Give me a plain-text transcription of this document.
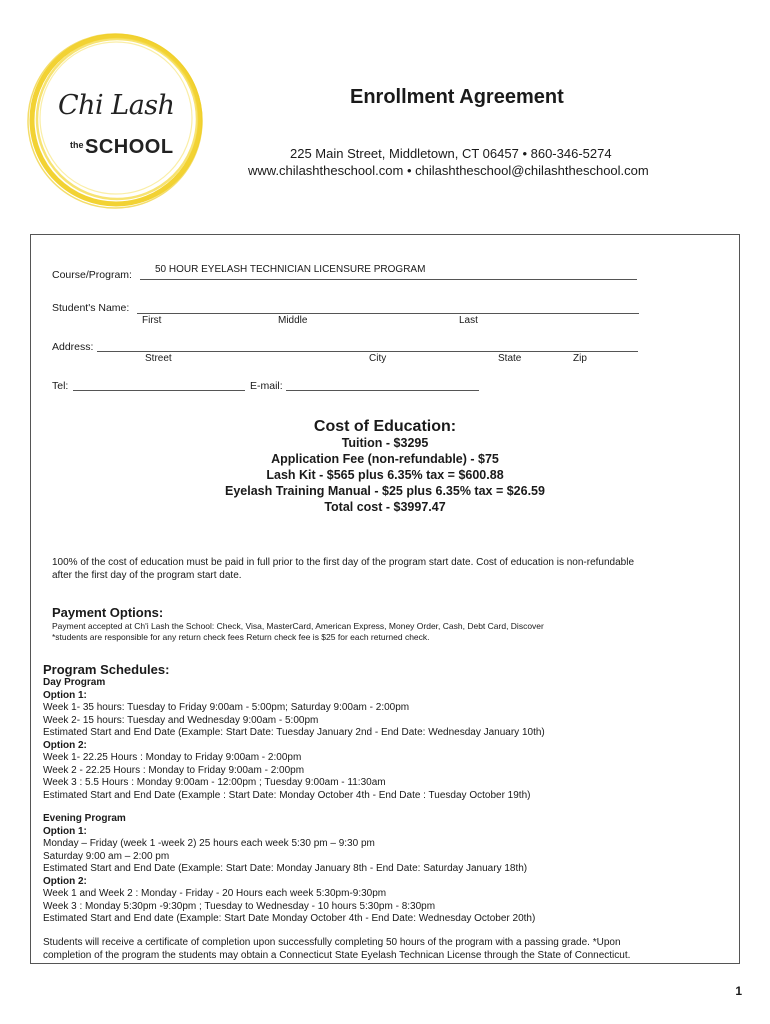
Chi Lash
the SCHOOL
Enrollment Agreement
225 Main Street, Middletown, CT 06457 • 860-346-5274
www.chilashtheschool.com • chilashtheschool@chilashtheschool.com
Course/Program: 50 HOUR EYELASH TECHNICIAN LICENSURE PROGRAM
Student's Name:
First	Middle	Last
Address:
Street	City	State	Zip
Tel:	E-mail:
Cost of Education:
Tuition - $3295
Application Fee (non-refundable) - $75
Lash Kit - $565 plus 6.35% tax = $600.88
Eyelash Training Manual - $25 plus 6.35% tax = $26.59
Total cost - $3997.47
100% of the cost of education must be paid in full prior to the first day of the program start date. Cost of education is non-refundable
after the first day of the program start date.
Payment Options:
Payment accepted at Ch'i Lash the School: Check, Visa, MasterCard, American Express, Money Order, Cash, Debt Card, Discover
*students are responsible for any return check fees Return check fee is $25 for each returned check.
Program Schedules:
Day Program
Option 1:
Week 1- 35 hours: Tuesday to Friday 9:00am - 5:00pm; Saturday 9:00am - 2:00pm
Week 2- 15 hours: Tuesday and Wednesday 9:00am - 5:00pm
Estimated Start and End Date (Example: Start Date: Tuesday January 2nd - End Date: Wednesday January 10th)
Option 2:
Week 1- 22.25 Hours : Monday to Friday 9:00am - 2:00pm
Week 2 - 22.25 Hours : Monday to Friday 9:00am - 2:00pm
Week 3 : 5.5 Hours : Monday 9:00am - 12:00pm ; Tuesday 9:00am - 11:30am
Estimated Start and End Date (Example : Start Date: Monday October 4th - End Date : Tuesday October 19th)
Evening Program
Option 1:
Monday – Friday (week 1 -week 2) 25 hours each week 5:30 pm – 9:30 pm
Saturday 9:00 am – 2:00 pm
Estimated Start and End Date (Example: Start Date: Monday January 8th - End Date: Saturday January 18th)
Option 2:
Week 1 and Week 2 : Monday - Friday - 20 Hours each week 5:30pm-9:30pm
Week 3 : Monday 5:30pm -9:30pm ; Tuesday to Wednesday - 10 hours 5:30pm - 8:30pm
Estimated Start and End date (Example: Start Date Monday October 4th - End Date: Wednesday October 20th)
Students will receive a certificate of completion upon successfully completing 50 hours of the program with a passing grade. *Upon
completion of the program the students may obtain a Connecticut State Eyelash Technican License through the State of Connecticut.
1
